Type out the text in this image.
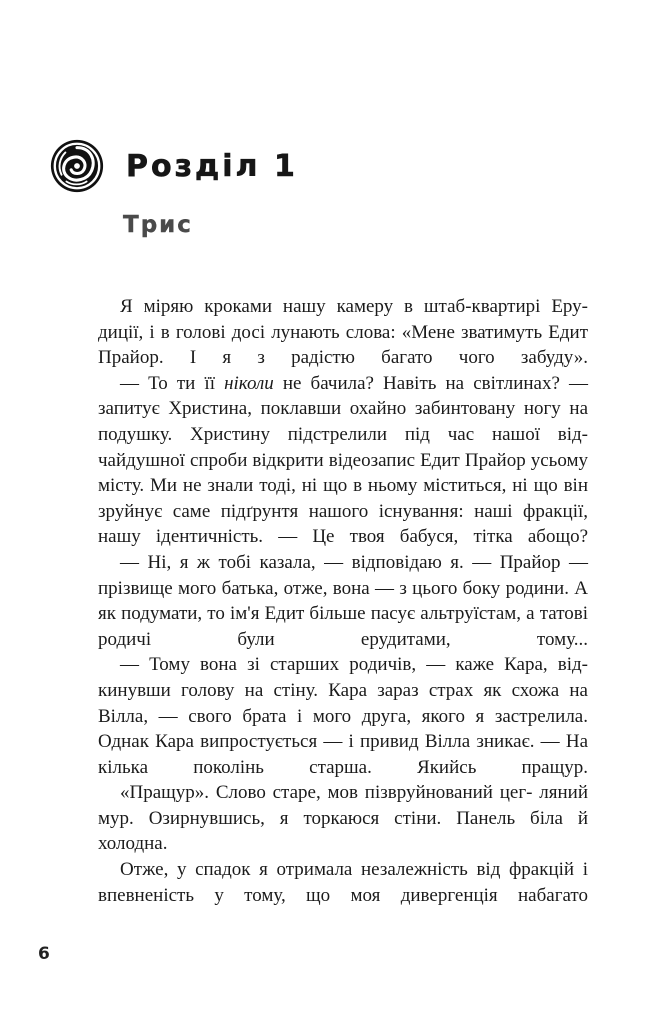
Розділ 1
Трис

Я міряю кроками нашу камеру в штаб-квартирі Еру- диції, і в голові досі лунають слова: «Мене зватимуть Едит Прайор. І я з радістю багато чого забуду».

— То ти її ніколи не бачила? Навіть на світлинах? — запитує Христина, поклавши охайно забинтовану ногу на подушку. Христину підстрелили під час нашої від- чайдушної спроби відкрити відеозапис Едит Прайор усьому місту. Ми не знали тоді, ні що в ньому міститься, ні що він зруйнує саме підґрунтя нашого існування: наші фракції, нашу ідентичність. — Це твоя бабуся, тітка абощо?

— Ні, я ж тобі казала, — відповідаю я. — Прайор — прізвище мого батька, отже, вона — з цього боку родини. А як подумати, то ім'я Едит більше пасує альтруїстам, а татові родичі були ерудитами, тому...

— Тому вона зі старших родичів, — каже Кара, від- кинувши голову на стіну. Кара зараз страх як схожа на Вілла, — свого брата і мого друга, якого я застрелила. Однак Кара випростується — і привид Вілла зникає. — На кілька поколінь старша. Якийсь пращур.

«Пращур». Слово старе, мов пізвруйнований цег- ляний мур. Озирнувшись, я торкаюся стіни. Панель біла й холодна.

Отже, у спадок я отримала незалежність від фракцій і впевненість у тому, що моя дивергенція набагато

6
